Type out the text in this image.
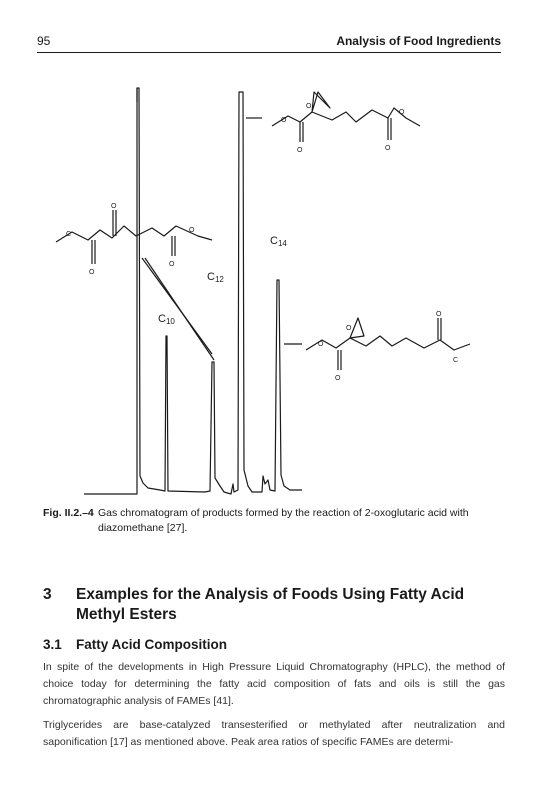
95	Analysis of Food Ingredients
O
O
O	O
O
C
O
O
O
O
O
O
O
O
C
C10
C12
C14
Fig. II.2.–4 Gas chromatogram of products formed by the reaction of 2-oxoglutaric acid with diazomethane [27].
3 Examples for the Analysis of Foods Using Fatty Acid Methyl Esters
3.1 Fatty Acid Composition

In spite of the developments in High Pressure Liquid Chromatography (HPLC), the method of choice today for determining the fatty acid composition of fats and oils is still the gas chromatographic analysis of FAMEs [41].

Triglycerides are base-catalyzed transesterified or methylated after neutralization and saponification [17] as mentioned above. Peak area ratios of specific FAMEs are determi-
